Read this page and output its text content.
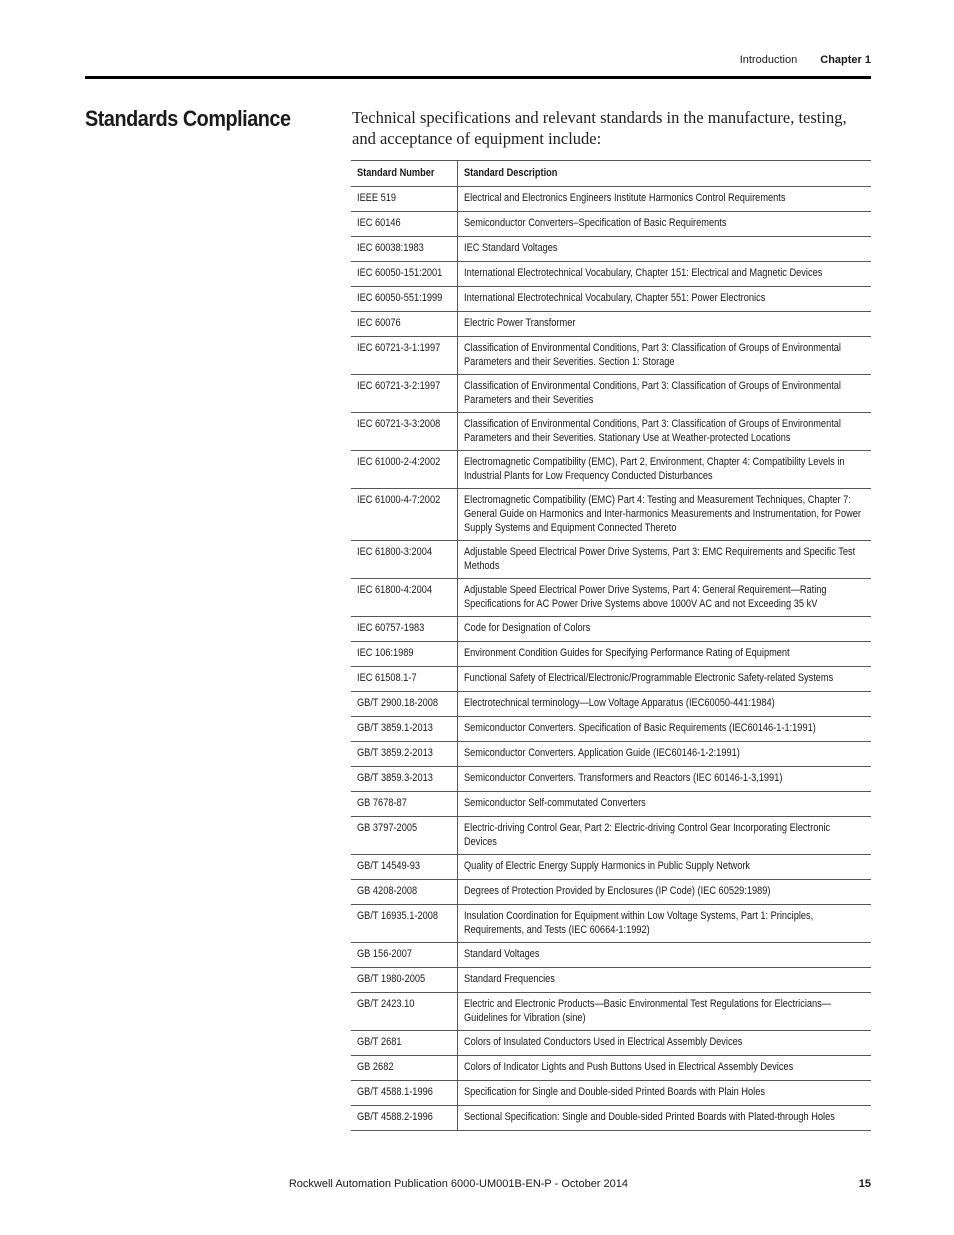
Introduction Chapter 1
Standards Compliance	Technical specifications and relevant standards in the manufacture, testing, and acceptance of equipment include:

Standard Number	Standard Description

IEEE 519	Electrical and Electronics Engineers Institute Harmonics Control Requirements

IEC 60146	Semiconductor Converters–Specification of Basic Requirements

IEC 60038:1983	IEC Standard Voltages

IEC 60050-151:2001	International Electrotechnical Vocabulary, Chapter 151: Electrical and Magnetic Devices

IEC 60050-551:1999	International Electrotechnical Vocabulary, Chapter 551: Power Electronics

IEC 60076	Electric Power Transformer

IEC 60721-3-1:1997	Classification of Environmental Conditions, Part 3: Classification of Groups of Environmental Parameters and their Severities. Section 1: Storage

IEC 60721-3-2:1997	Classification of Environmental Conditions, Part 3: Classification of Groups of Environmental Parameters and their Severities

IEC 60721-3-3:2008	Classification of Environmental Conditions, Part 3: Classification of Groups of Environmental Parameters and their Severities. Stationary Use at Weather-protected Locations

IEC 61000-2-4:2002	Electromagnetic Compatibility (EMC), Part 2, Environment, Chapter 4: Compatibility Levels in Industrial Plants for Low Frequency Conducted Disturbances

IEC 61000-4-7:2002	Electromagnetic Compatibility (EMC) Part 4: Testing and Measurement Techniques, Chapter 7: General Guide on Harmonics and Inter-harmonics Measurements and Instrumentation, for Power Supply Systems and Equipment Connected Thereto

IEC 61800-3:2004	Adjustable Speed Electrical Power Drive Systems, Part 3: EMC Requirements and Specific Test Methods

IEC 61800-4:2004	Adjustable Speed Electrical Power Drive Systems, Part 4: General Requirement—Rating Specifications for AC Power Drive Systems above 1000V AC and not Exceeding 35 kV

IEC 60757-1983	Code for Designation of Colors

IEC 106:1989	Environment Condition Guides for Specifying Performance Rating of Equipment

IEC 61508.1-7	Functional Safety of Electrical/Electronic/Programmable Electronic Safety-related Systems

GB/T 2900.18-2008	Electrotechnical terminology—Low Voltage Apparatus (IEC60050-441:1984)

GB/T 3859.1-2013	Semiconductor Converters. Specification of Basic Requirements (IEC60146-1-1:1991)

GB/T 3859.2-2013	Semiconductor Converters. Application Guide (IEC60146-1-2:1991)

GB/T 3859.3-2013	Semiconductor Converters. Transformers and Reactors (IEC 60146-1-3,1991)

GB 7678-87	Semiconductor Self-commutated Converters

GB 3797-2005	Electric-driving Control Gear, Part 2: Electric-driving Control Gear Incorporating Electronic Devices

GB/T 14549-93	Quality of Electric Energy Supply Harmonics in Public Supply Network

GB 4208-2008	Degrees of Protection Provided by Enclosures (IP Code) (IEC 60529:1989)

GB/T 16935.1-2008	Insulation Coordination for Equipment within Low Voltage Systems, Part 1: Principles, Requirements, and Tests (IEC 60664-1:1992)

GB 156-2007	Standard Voltages

GB/T 1980-2005	Standard Frequencies

GB/T 2423.10	Electric and Electronic Products—Basic Environmental Test Regulations for Electricians—Guidelines for Vibration (sine)

GB/T 2681	Colors of Insulated Conductors Used in Electrical Assembly Devices

GB 2682	Colors of Indicator Lights and Push Buttons Used in Electrical Assembly Devices

GB/T 4588.1-1996	Specification for Single and Double-sided Printed Boards with Plain Holes

GB/T 4588.2-1996	Sectional Specification: Single and Double-sided Printed Boards with Plated-through Holes
Rockwell Automation Publication 6000-UM001B-EN-P - October 2014	15
